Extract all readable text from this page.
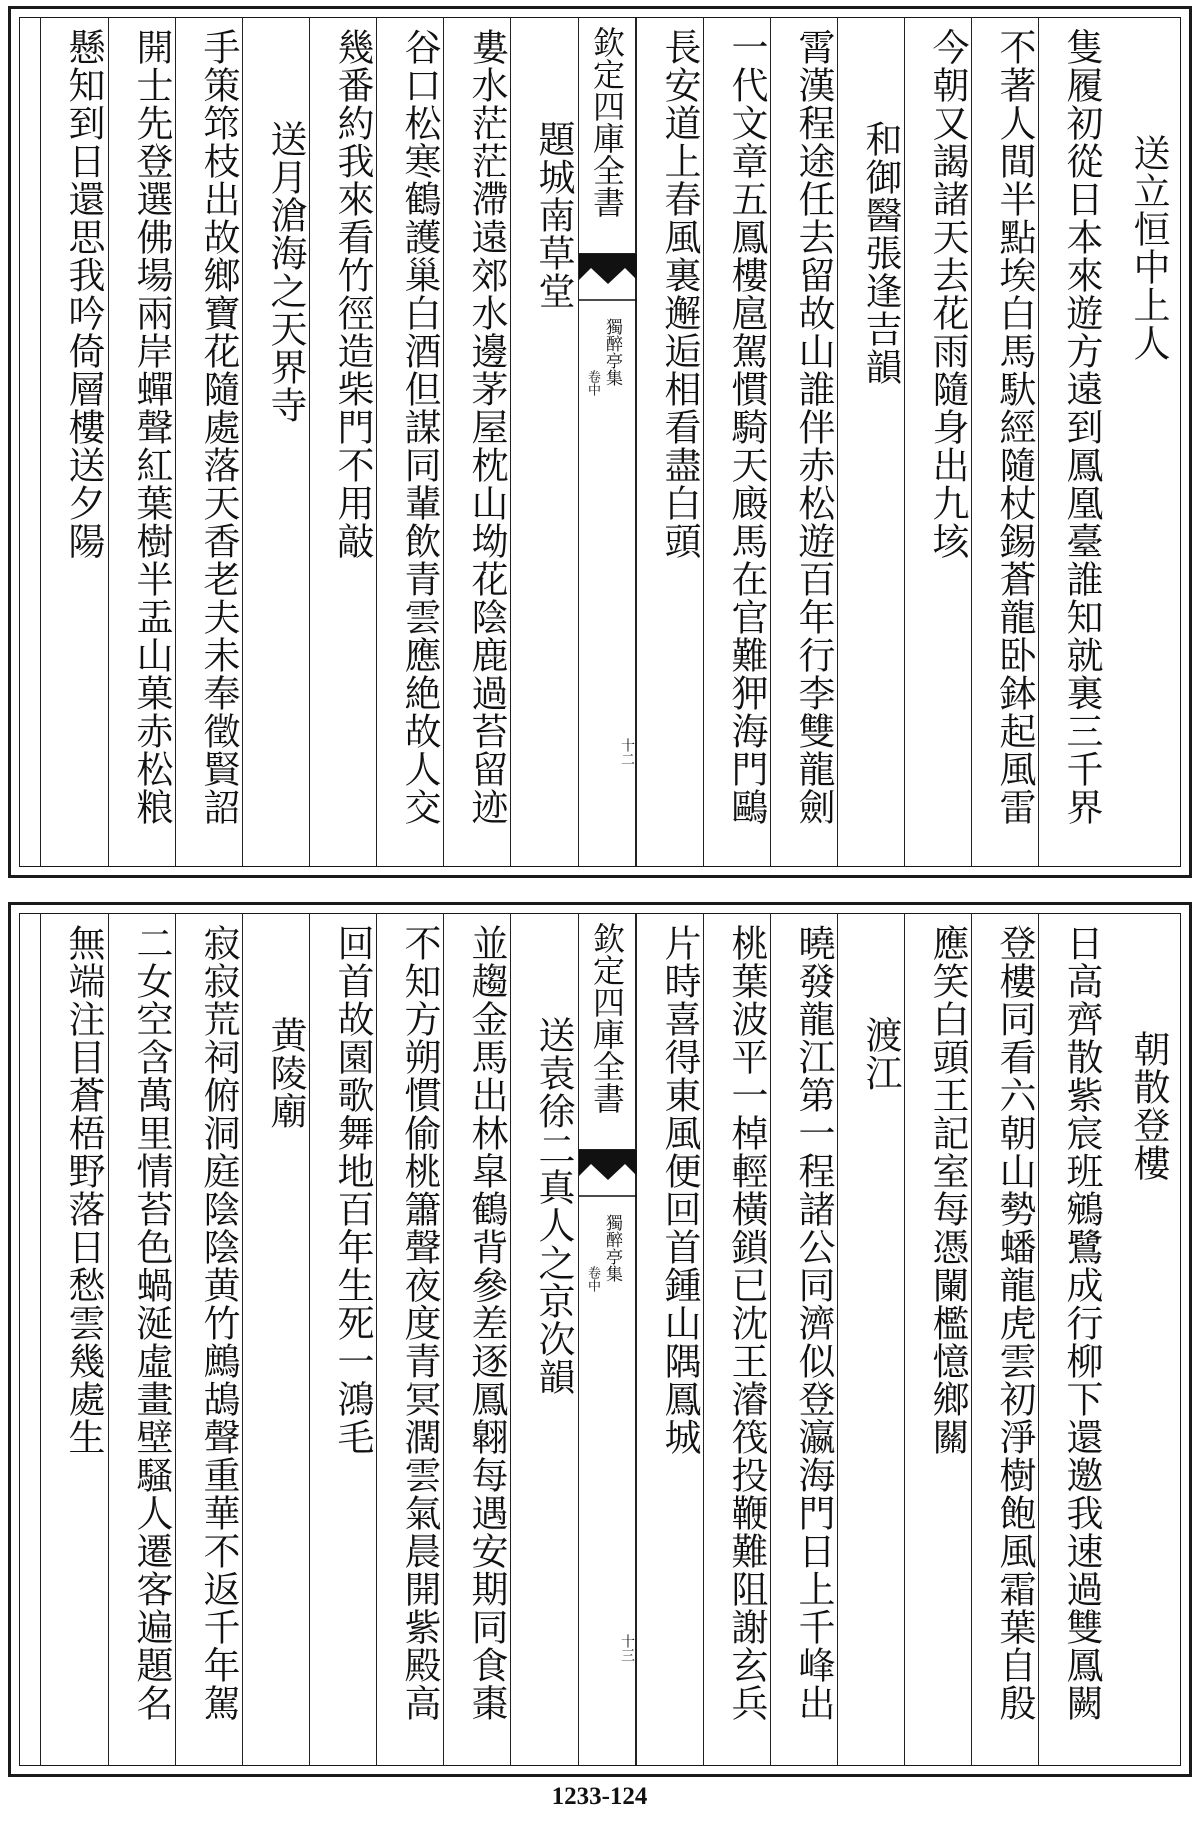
送立恒中上人
隻履初從日本來遊方遠到鳳凰臺誰知就裏三千界
不著人間半點埃白馬馱經隨杖錫蒼龍卧鉢起風雷
今朝又謁諸天去花雨隨身出九垓
和御醫張逢吉韻
霄漢程途任去留故山誰伴赤松遊百年行李雙龍劍
一代文章五鳳樓扈駕慣騎天廄馬在官難狎海門鷗
長安道上春風裏邂逅相看盡白頭
欽定四庫全書
獨醉亭集
卷中
十二
題城南草堂
婁水茫茫滯遠郊水邊茅屋枕山坳花陰鹿過苔留迹
谷口松寒鶴護巢白酒但謀同輩飲青雲應絶故人交
幾番約我來看竹徑造柴門不用敲
送月滄海之天界寺
手策筇枝出故鄉寶花隨處落天香老夫未奉徵賢詔
開士先登選佛場兩岸蟬聲紅葉樹半盂山菓赤松粮
懸知到日還思我吟倚層樓送夕陽
朝散登樓
日高齊散紫宸班鵷鷺成行柳下還邀我速過雙鳳闕
登樓同看六朝山勢蟠龍虎雲初淨樹飽風霜葉自殷
應笑白頭王記室每憑闌檻憶鄉關
渡江
曉發龍江第一程諸公同濟似登瀛海門日上千峰出
桃葉波平一棹輕橫鎖已沈王濬筏投鞭難阻謝玄兵
片時喜得東風便回首鍾山隅鳳城
欽定四庫全書
獨醉亭集
卷中
十三
送袁徐二真人之京次韻
並趨金馬出林皐鶴背參差逐鳳翺每遇安期同食棗
不知方朔慣偷桃簫聲夜度青冥濶雲氣晨開紫殿高
回首故園歌舞地百年生死一鴻毛
黄陵廟
寂寂荒祠俯洞庭陰陰黄竹鷓鴣聲重華不返千年駕
二女空含萬里情苔色蝸涎虛畫壁騷人遷客遍題名
無端注目蒼梧野落日愁雲幾處生
1233-124
